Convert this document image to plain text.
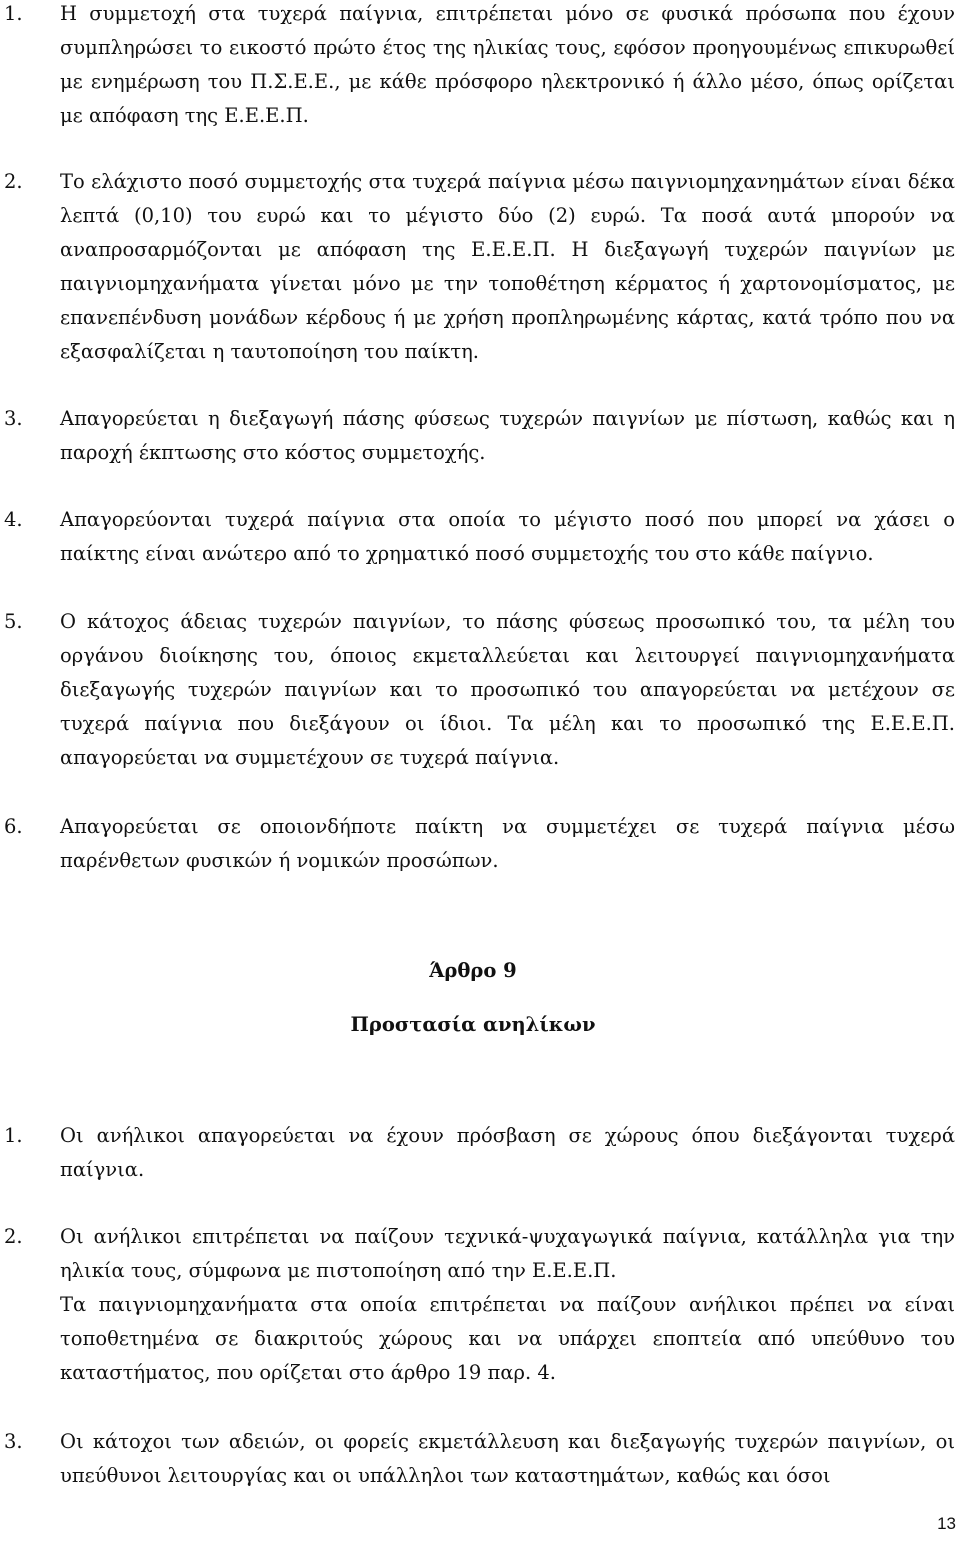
1. Η συμμετοχή στα τυχερά παίγνια, επιτρέπεται μόνο σε φυσικά πρόσωπα που έχουν συμπληρώσει το εικοστό πρώτο έτος της ηλικίας τους, εφόσον προηγουμένως επικυρωθεί με ενημέρωση του Π.Σ.Ε.Ε., με κάθε πρόσφορο ηλεκτρονικό ή άλλο μέσο, όπως ορίζεται με απόφαση της Ε.Ε.Ε.Π.
2. Το ελάχιστο ποσό συμμετοχής στα τυχερά παίγνια μέσω παιγνιομηχανημάτων είναι δέκα λεπτά (0,10) του ευρώ και το μέγιστο δύο (2) ευρώ. Τα ποσά αυτά μπορούν να αναπροσαρμόζονται με απόφαση της Ε.Ε.Ε.Π. Η διεξαγωγή τυχερών παιγνίων με παιγνιομηχανήματα γίνεται μόνο με την τοποθέτηση κέρματος ή χαρτονομίσματος, με επανεπένδυση μονάδων κέρδους ή με χρήση προπληρωμένης κάρτας, κατά τρόπο που να εξασφαλίζεται η ταυτοποίηση του παίκτη.
3. Απαγορεύεται η διεξαγωγή πάσης φύσεως τυχερών παιγνίων με πίστωση, καθώς και η παροχή έκπτωσης στο κόστος συμμετοχής.
4. Απαγορεύονται τυχερά παίγνια στα οποία το μέγιστο ποσό που μπορεί να χάσει ο παίκτης είναι ανώτερο από το χρηματικό ποσό συμμετοχής του στο κάθε παίγνιο.
5. Ο κάτοχος άδειας τυχερών παιγνίων, το πάσης φύσεως προσωπικό του, τα μέλη του οργάνου διοίκησης του, όποιος εκμεταλλεύεται και λειτουργεί παιγνιομηχανήματα διεξαγωγής τυχερών παιγνίων και το προσωπικό του απαγορεύεται να μετέχουν σε τυχερά παίγνια που διεξάγουν οι ίδιοι. Τα μέλη και το προσωπικό της Ε.Ε.Ε.Π. απαγορεύεται να συμμετέχουν σε τυχερά παίγνια.
6. Απαγορεύεται σε οποιονδήποτε παίκτη να συμμετέχει σε τυχερά παίγνια μέσω παρένθετων φυσικών ή νομικών προσώπων.
Άρθρο 9
Προστασία ανηλίκων
1. Οι ανήλικοι απαγορεύεται να έχουν πρόσβαση σε χώρους όπου διεξάγονται τυχερά παίγνια.
2. Οι ανήλικοι επιτρέπεται να παίζουν τεχνικά-ψυχαγωγικά παίγνια, κατάλληλα για την ηλικία τους, σύμφωνα με πιστοποίηση από την Ε.Ε.Ε.Π.
Τα παιγνιομηχανήματα στα οποία επιτρέπεται να παίζουν ανήλικοι πρέπει να είναι τοποθετημένα σε διακριτούς χώρους και να υπάρχει εποπτεία από υπεύθυνο του καταστήματος, που ορίζεται στο άρθρο 19 παρ. 4.
3. Οι κάτοχοι των αδειών, οι φορείς εκμετάλλευση και διεξαγωγής τυχερών παιγνίων, οι υπεύθυνοι λειτουργίας και οι υπάλληλοι των καταστημάτων, καθώς και όσοι
13
